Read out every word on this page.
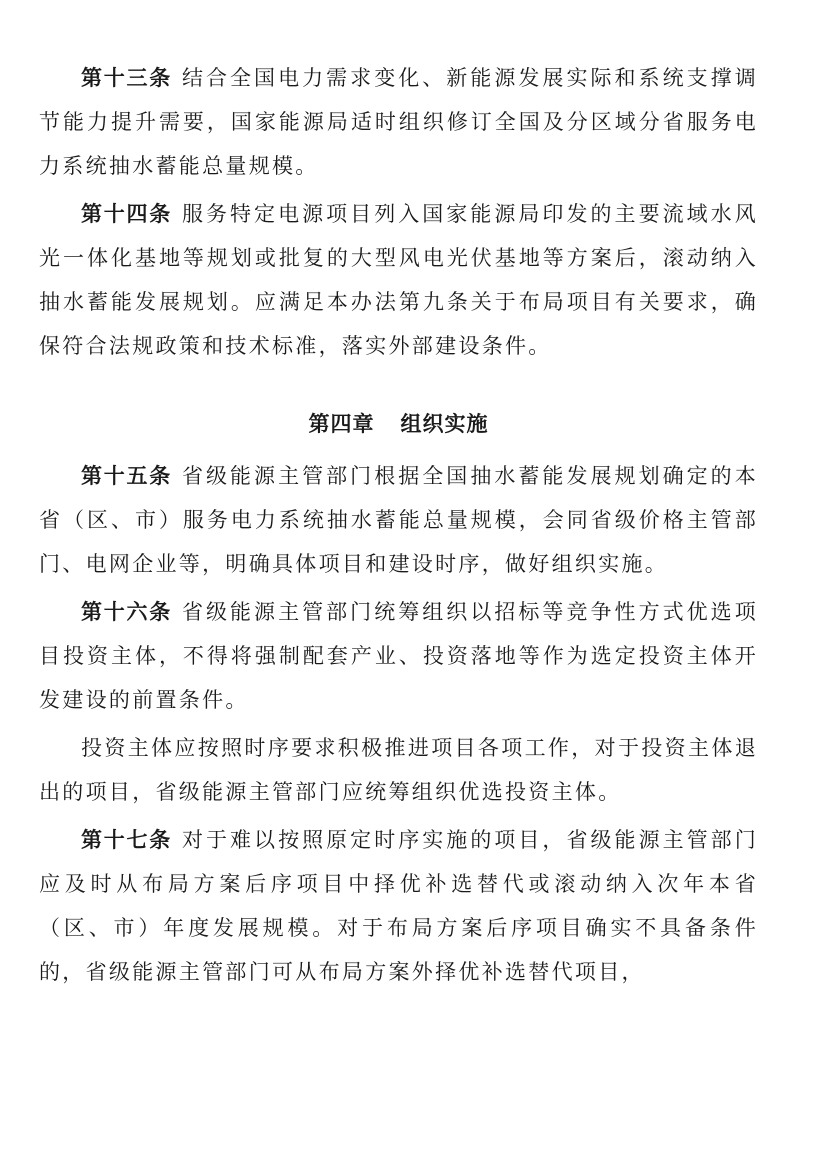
第十三条 结合全国电力需求变化、新能源发展实际和系统支撑调节能力提升需要，国家能源局适时组织修订全国及分区域分省服务电力系统抽水蓄能总量规模。

第十四条 服务特定电源项目列入国家能源局印发的主要流域水风光一体化基地等规划或批复的大型风电光伏基地等方案后，滚动纳入抽水蓄能发展规划。应满足本办法第九条关于布局项目有关要求，确保符合法规政策和技术标准，落实外部建设条件。

第四章 组织实施

第十五条 省级能源主管部门根据全国抽水蓄能发展规划确定的本省（区、市）服务电力系统抽水蓄能总量规模，会同省级价格主管部门、电网企业等，明确具体项目和建设时序，做好组织实施。

第十六条 省级能源主管部门统筹组织以招标等竞争性方式优选项目投资主体，不得将强制配套产业、投资落地等作为选定投资主体开发建设的前置条件。

投资主体应按照时序要求积极推进项目各项工作，对于投资主体退出的项目，省级能源主管部门应统筹组织优选投资主体。

第十七条 对于难以按照原定时序实施的项目，省级能源主管部门应及时从布局方案后序项目中择优补选替代或滚动纳入次年本省（区、市）年度发展规模。对于布局方案后序项目确实不具备条件的，省级能源主管部门可从布局方案外择优补选替代项目，
